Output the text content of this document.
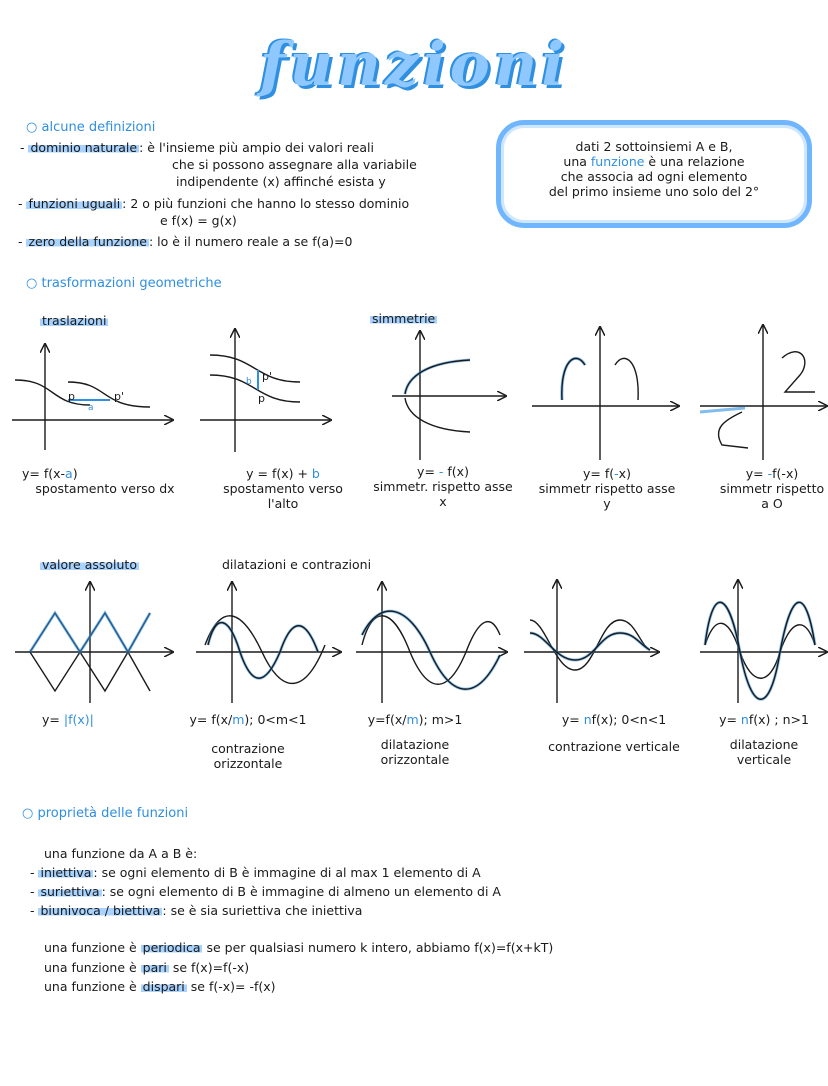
funzioni
○ alcune definizioni
- dominio naturale : è l'insieme più ampio dei valori reali
che si possono assegnare alla variabile
indipendente (x) affinché esista y
- funzioni uguali : 2 o più funzioni che hanno lo stesso dominio
e f(x) = g(x)
- zero della funzione : lo è il numero reale a se f(a)=0
dati 2 sottoinsiemi A e B,
una funzione è una relazione
che associa ad ogni elemento
del primo insieme uno solo del 2°
○ trasformazioni geometriche
traslazioni	simmetrie
p	p'
a
b p'
p
y= f(x-a)
spostamento verso dx
y = f(x) + b
spostamento verso l'alto
y= - f(x)
simmetr. rispetto asse x
y= f(-x)
simmetr rispetto asse y
y= -f(-x)
simmetr rispetto a O
valore assoluto	dilatazioni e contrazioni
y= |f(x)|	y= f(x/m); 0<m<1
contrazione orizzontale
y=f(x/m); m>1
dilatazione orizzontale
y= nf(x); 0<n<1
contrazione verticale
y= nf(x) ; n>1
dilatazione verticale
○ proprietà delle funzioni
una funzione da A a B è:
- iniettiva : se ogni elemento di B è immagine di al max 1 elemento di A
- suriettiva : se ogni elemento di B è immagine di almeno un elemento di A
- biunivoca / biettiva : se è sia suriettiva che iniettiva
una funzione è periodica se per qualsiasi numero k intero, abbiamo f(x)=f(x+kT)
una funzione è pari se f(x)=f(-x)
una funzione è dispari se f(-x)= -f(x)
